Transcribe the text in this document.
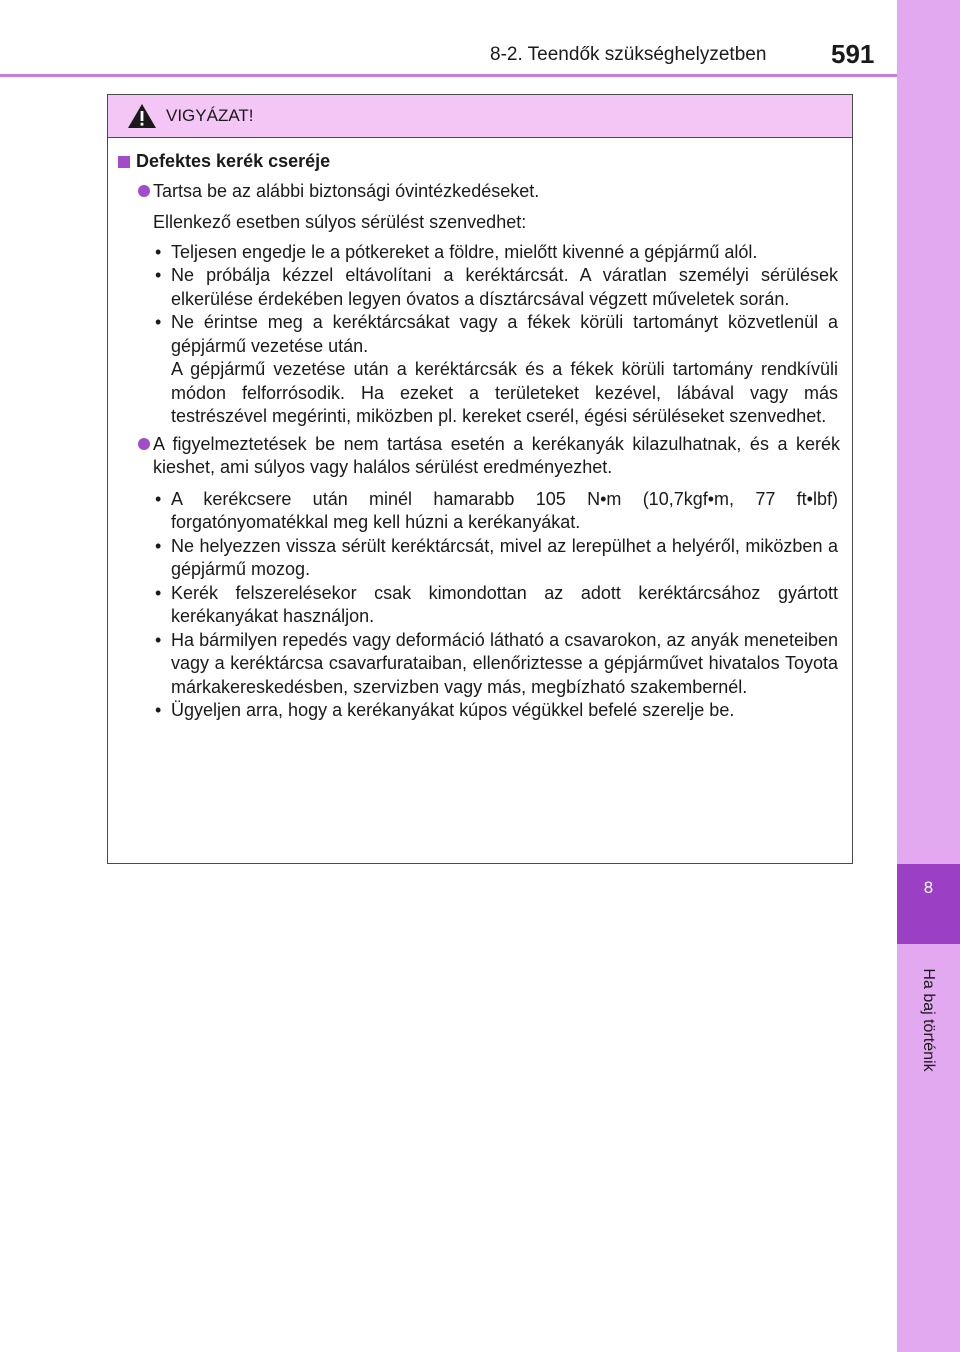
8-2. Teendők szükséghelyzetben 591
8
Ha baj történik
VIGYÁZAT!
Defektes kerék cseréje
Tartsa be az alábbi biztonsági óvintézkedéseket.
Ellenkező esetben súlyos sérülést szenvedhet:
• Teljesen engedje le a pótkereket a földre, mielőtt kivenné a gépjármű alól.
• Ne próbálja kézzel eltávolítani a keréktárcsát. A váratlan személyi sérülések elkerülése érdekében legyen óvatos a dísztárcsával végzett műveletek során.
• Ne érintse meg a keréktárcsákat vagy a fékek körüli tartományt közvetlenül a gépjármű vezetése után.
A gépjármű vezetése után a keréktárcsák és a fékek körüli tartomány rendkívüli módon felforrósodik. Ha ezeket a területeket kezével, lábával vagy más testrészével megérinti, miközben pl. kereket cserél, égési sérüléseket szenvedhet.
A figyelmeztetések be nem tartása esetén a kerékanyák kilazulhatnak, és a kerék kieshet, ami súlyos vagy halálos sérülést eredményezhet.
• A kerékcsere után minél hamarabb 105 N•m (10,7kgf•m, 77 ft•lbf) forgatónyomatékkal meg kell húzni a kerékanyákat.
• Ne helyezzen vissza sérült keréktárcsát, mivel az lerepülhet a helyéről, miközben a gépjármű mozog.
• Kerék felszerelésekor csak kimondottan az adott keréktárcsához gyártott kerékanyákat használjon.
• Ha bármilyen repedés vagy deformáció látható a csavarokon, az anyák meneteiben vagy a keréktárcsa csavarfurataiban, ellenőriztesse a gépjárművet hivatalos Toyota márkakereskedésben, szervizben vagy más, megbízható szakembernél.
• Ügyeljen arra, hogy a kerékanyákat kúpos végükkel befelé szerelje be.
